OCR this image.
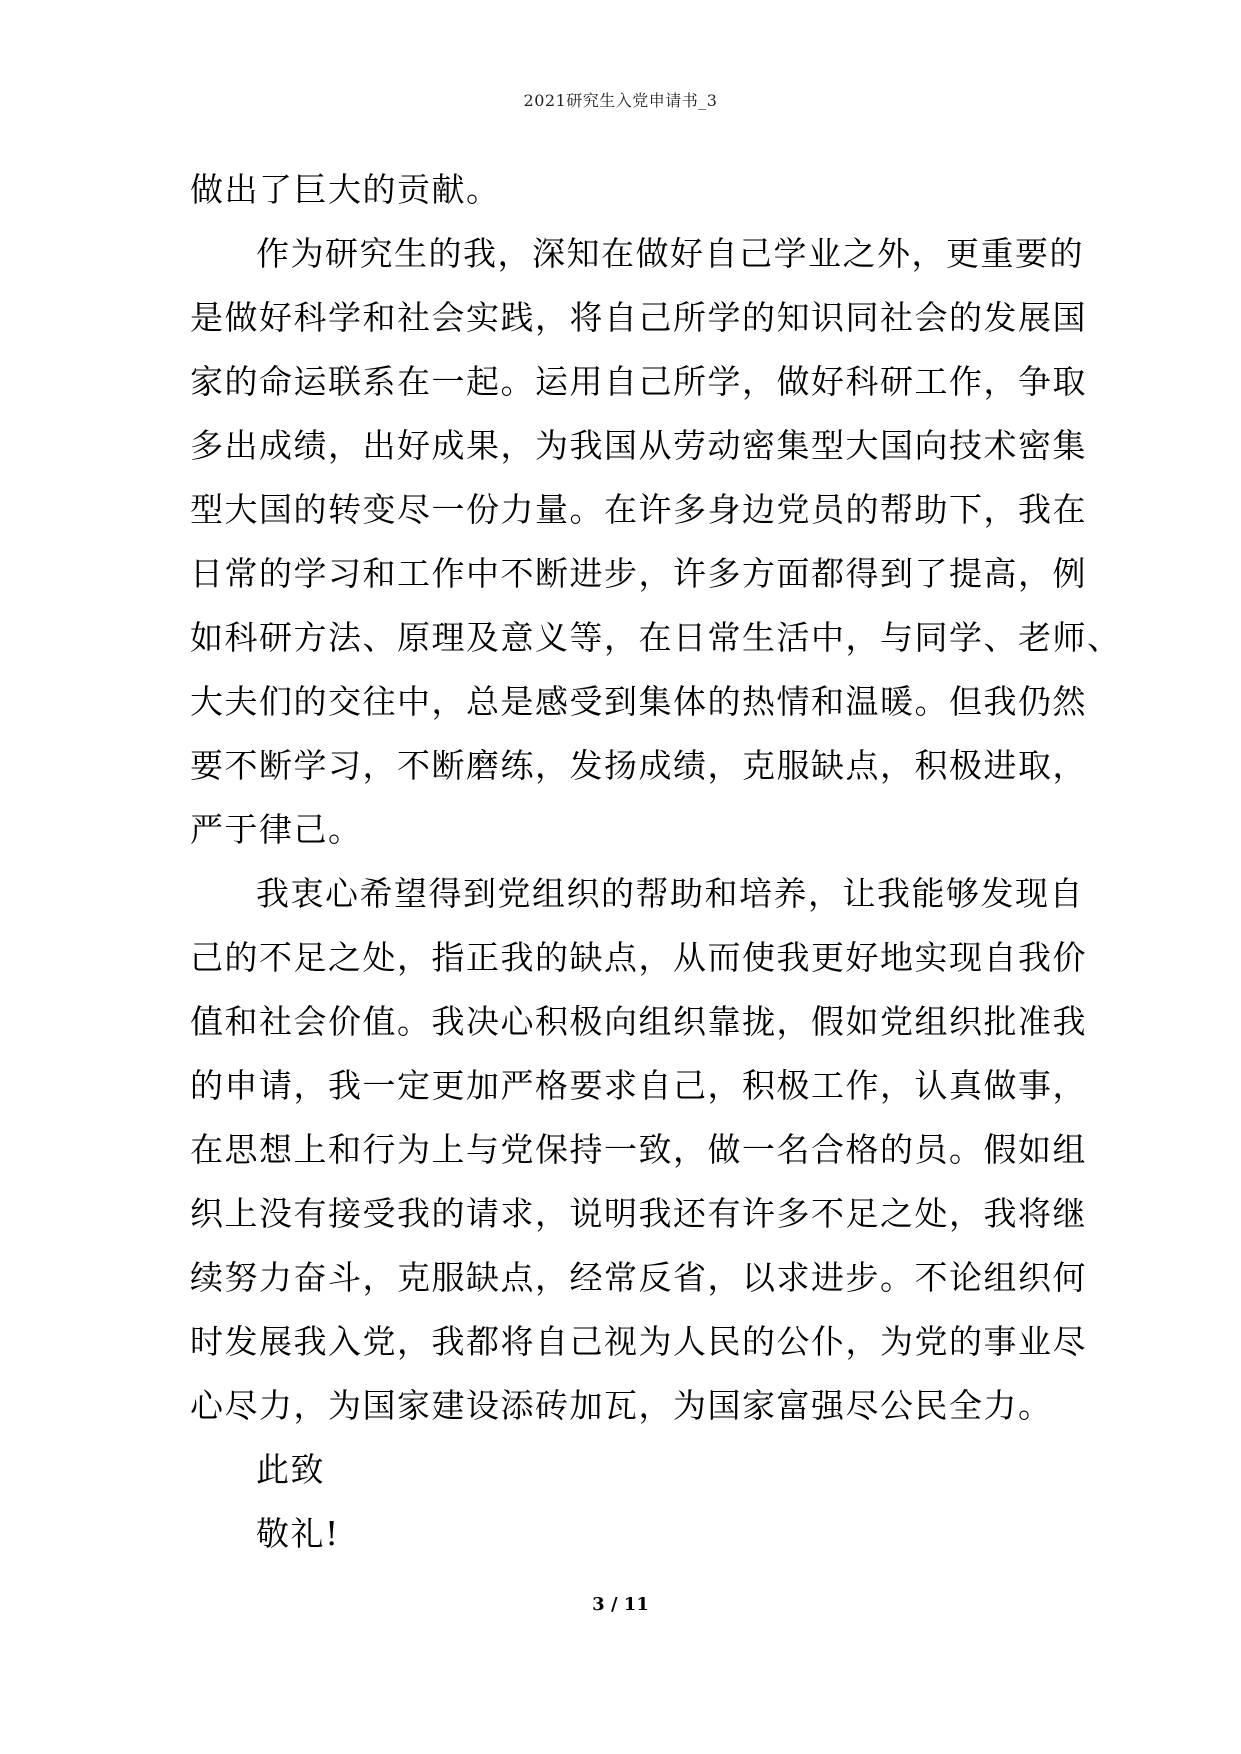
2021研究生入党申请书_3
做出了巨大的贡献。
作为研究生的我，深知在做好自己学业之外，更重要的
是做好科学和社会实践，将自己所学的知识同社会的发展国
家的命运联系在一起。运用自己所学，做好科研工作，争取
多出成绩，出好成果，为我国从劳动密集型大国向技术密集
型大国的转变尽一份力量。在许多身边党员的帮助下，我在
日常的学习和工作中不断进步，许多方面都得到了提高，例
如科研方法、原理及意义等，在日常生活中，与同学、老师、
大夫们的交往中，总是感受到集体的热情和温暖。但我仍然
要不断学习，不断磨练，发扬成绩，克服缺点，积极进取，
严于律己。
我衷心希望得到党组织的帮助和培养，让我能够发现自
己的不足之处，指正我的缺点，从而使我更好地实现自我价
值和社会价值。我决心积极向组织靠拢，假如党组织批准我
的申请，我一定更加严格要求自己，积极工作，认真做事，
在思想上和行为上与党保持一致，做一名合格的员。假如组
织上没有接受我的请求，说明我还有许多不足之处，我将继
续努力奋斗，克服缺点，经常反省，以求进步。不论组织何
时发展我入党，我都将自己视为人民的公仆，为党的事业尽
心尽力，为国家建设添砖加瓦，为国家富强尽公民全力。
此致
敬礼!
3 / 11
